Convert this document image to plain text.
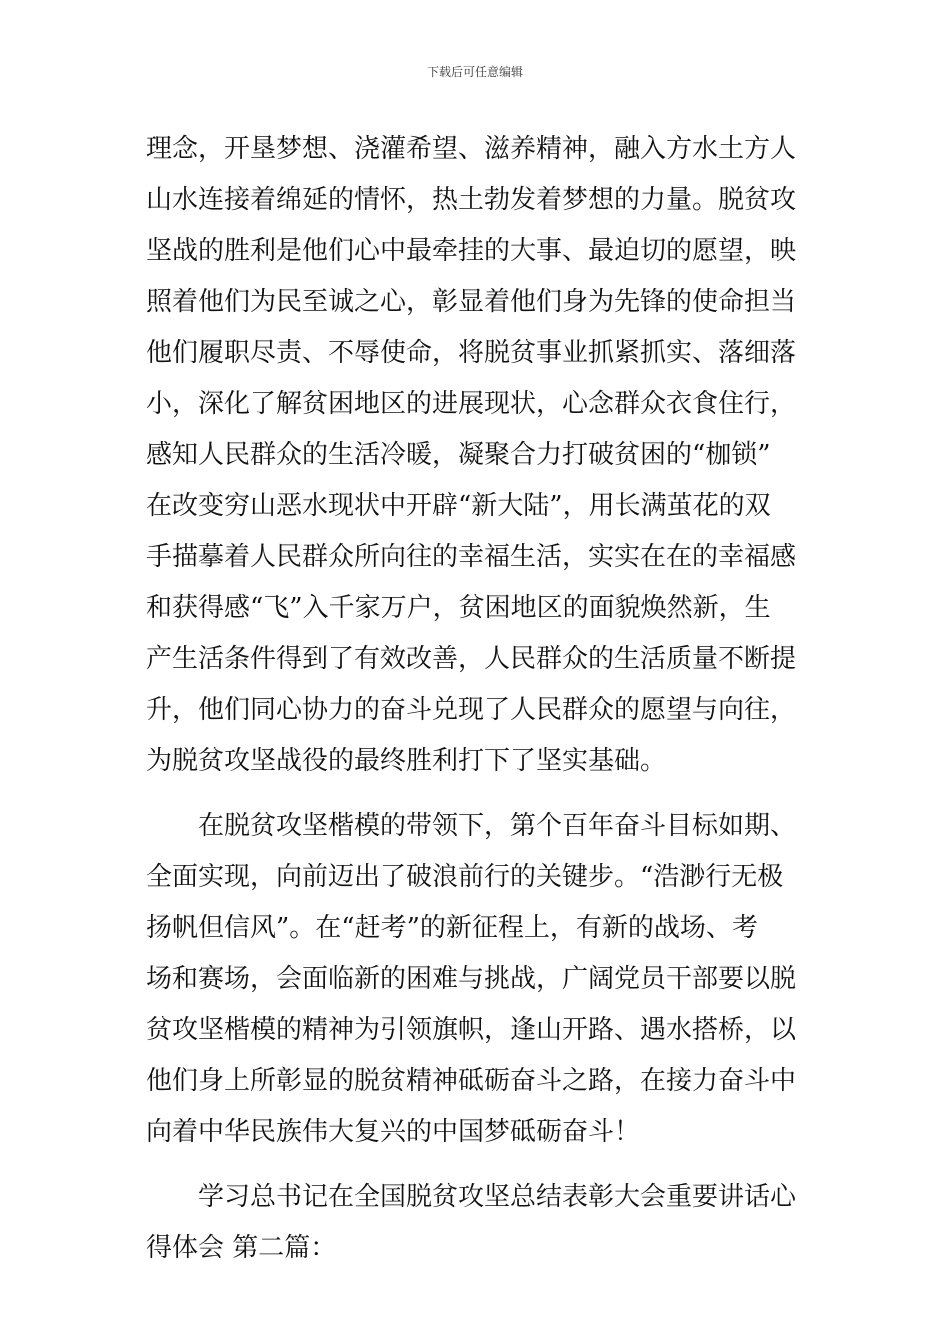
下载后可任意编辑
理念，开垦梦想、浇灌希望、滋养精神，融入方水土方人
山水连接着绵延的情怀，热土勃发着梦想的力量。脱贫攻
坚战的胜利是他们心中最牵挂的大事、最迫切的愿望，映
照着他们为民至诚之心，彰显着他们身为先锋的使命担当
他们履职尽责、不辱使命，将脱贫事业抓紧抓实、落细落
小，深化了解贫困地区的进展现状，心念群众衣食住行，
感知人民群众的生活冷暖，凝聚合力打破贫困的“枷锁”
在改变穷山恶水现状中开辟“新大陆”，用长满茧花的双
手描摹着人民群众所向往的幸福生活，实实在在的幸福感
和获得感“飞”入千家万户，贫困地区的面貌焕然新，生
产生活条件得到了有效改善，人民群众的生活质量不断提
升，他们同心协力的奋斗兑现了人民群众的愿望与向往，
为脱贫攻坚战役的最终胜利打下了坚实基础。
　　在脱贫攻坚楷模的带领下，第个百年奋斗目标如期、
全面实现，向前迈出了破浪前行的关键步。“浩渺行无极
扬帆但信风”。在“赶考”的新征程上，有新的战场、考
场和赛场，会面临新的困难与挑战，广阔党员干部要以脱
贫攻坚楷模的精神为引领旗帜，逢山开路、遇水搭桥，以
他们身上所彰显的脱贫精神砥砺奋斗之路，在接力奋斗中
向着中华民族伟大复兴的中国梦砥砺奋斗！
　　学习总书记在全国脱贫攻坚总结表彰大会重要讲话心
得体会 第二篇：
